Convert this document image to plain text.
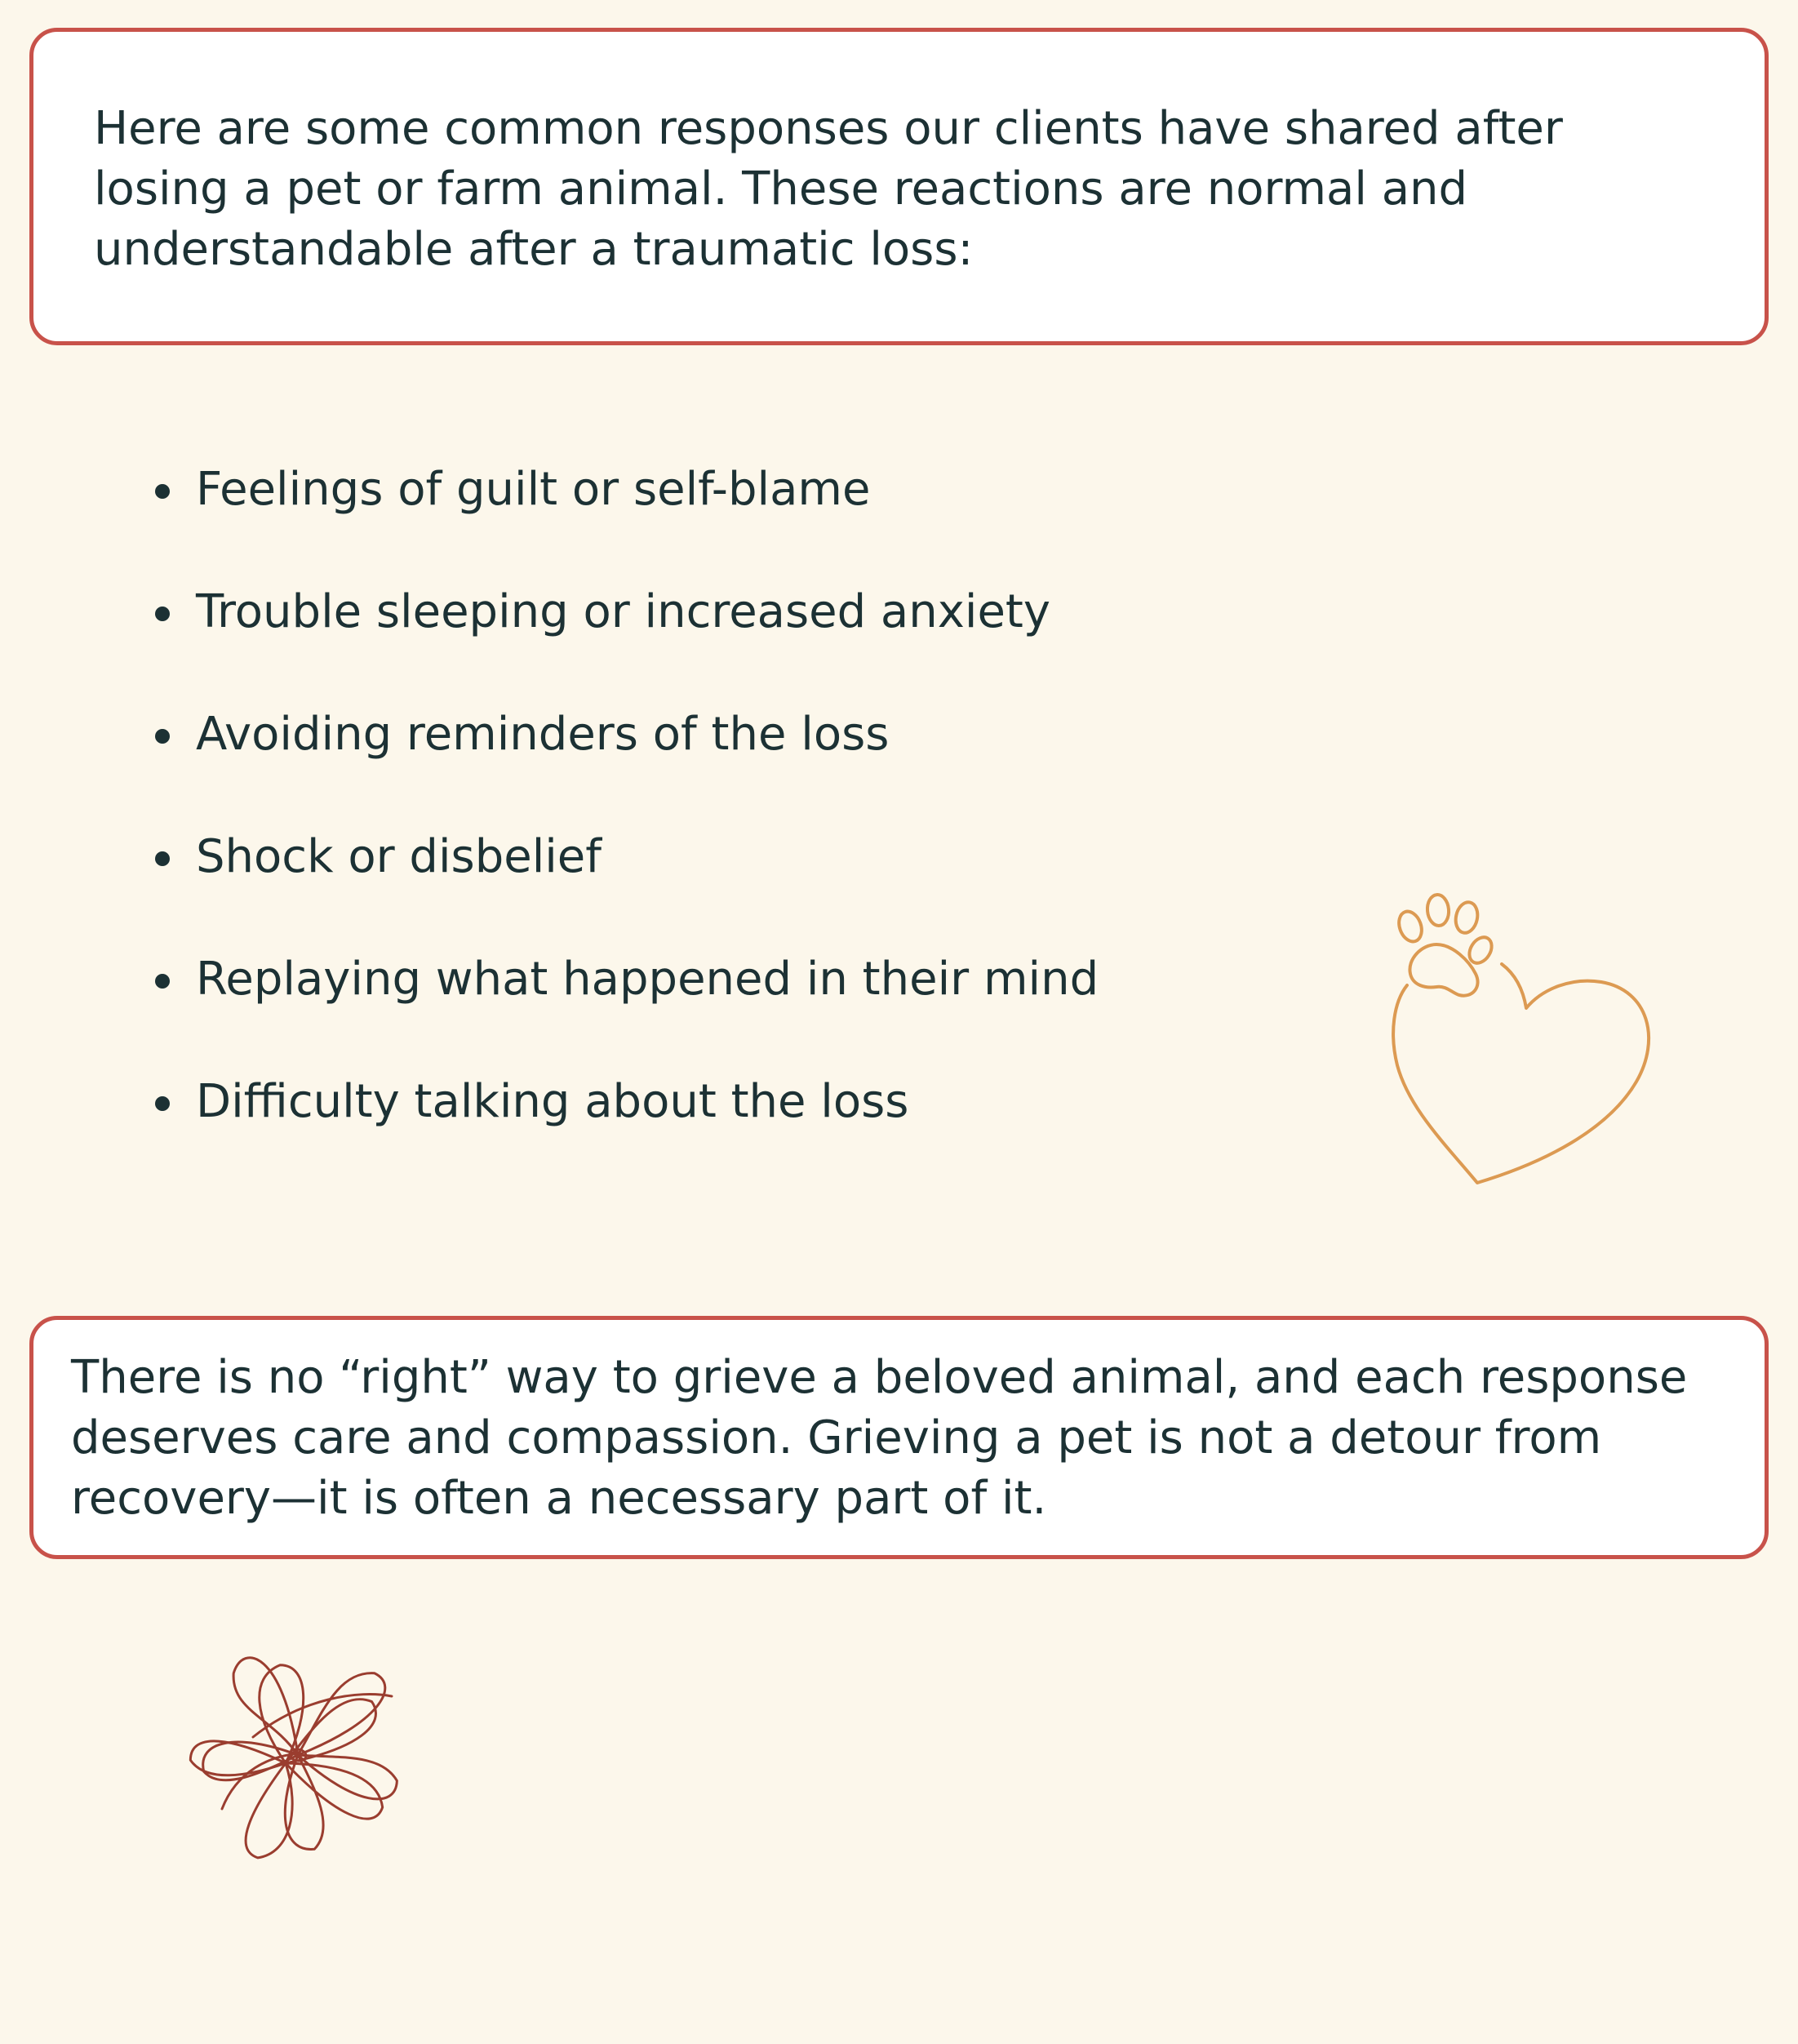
Here are some common responses our clients have shared after
losing a pet or farm animal. These reactions are normal and
understandable after a traumatic loss:

Feelings of guilt or self-blame
Trouble sleeping or increased anxiety
Avoiding reminders of the loss
Shock or disbelief
Replaying what happened in their mind
Difficulty talking about the loss

There is no “right” way to grieve a beloved animal, and each response
deserves care and compassion. Grieving a pet is not a detour from
recovery—it is often a necessary part of it.
